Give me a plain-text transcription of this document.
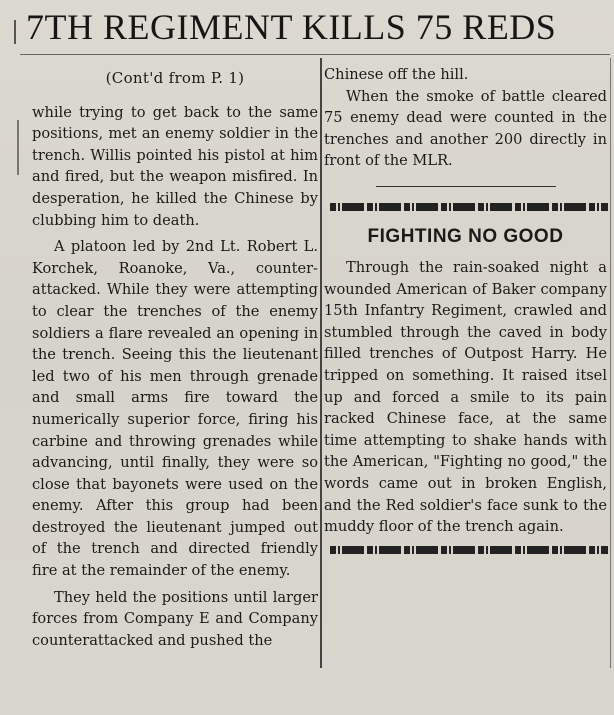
7TH REGIMENT KILLS 75 REDS

(Cont'd from P. 1)

while trying to get back to the same positions, met an enemy soldier in the trench. Willis pointed his pistol at him and fired, but the weapon misfired. In desperation, he killed the Chinese by clubbing him to death.

A platoon led by 2nd Lt. Robert L. Korchek, Roanoke, Va., counter-attacked. While they were attempting to clear the trenches of the enemy soldiers a flare revealed an opening in the trench. Seeing this the lieutenant led two of his men through grenade and small arms fire toward the numerically superior force, firing his carbine and throwing grenades while advancing, until finally, they were so close that bayonets were used on the enemy. After this group had been destroyed the lieutenant jumped out of the trench and directed friendly fire at the remainder of the enemy.

They held the positions until larger forces from Company E and Company counterattacked and pushed the

Chinese off the hill.

When the smoke of battle cleared 75 enemy dead were counted in the trenches and another 200 directly in front of the MLR.

FIGHTING NO GOOD

Through the rain-soaked night a wounded American of Baker company 15th Infantry Regiment, crawled and stumbled through the caved in body filled trenches of Outpost Harry. He tripped on something. It raised itsel up and forced a smile to its pain racked Chinese face, at the same time attempting to shake hands with the American, "Fighting no good," the words came out in broken English, and the Red soldier's face sunk to the muddy floor of the trench again.
